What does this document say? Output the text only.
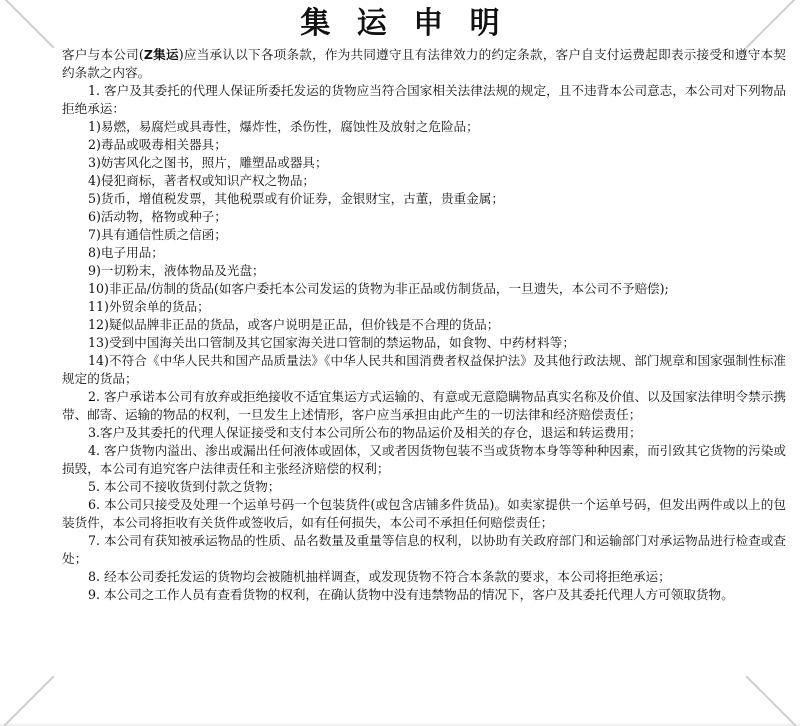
集 运 申 明

客户与本公司(Z集运)应当承认以下各项条款，作为共同遵守且有法律效力的约定条款，客户自支付运费起即表示接受和遵守本契约条款之内容。

1. 客户及其委托的代理人保证所委托发运的货物应当符合国家相关法律法规的规定，且不违背本公司意志，本公司对下列物品拒绝承运：

1)易燃，易腐烂或具毒性，爆炸性，杀伤性，腐蚀性及放射之危险品；

2)毒品或吸毒相关器具；

3)妨害风化之图书，照片，雕塑品或器具；

4)侵犯商标，著者权或知识产权之物品；

5)货币，增值税发票，其他税票或有价证券，金银财宝，古董，贵重金属；

6)活动物，格物或种子；

7)具有通信性质之信函；

8)电子用品；

9)一切粉末，液体物品及光盘；

10)非正品/仿制的货品(如客户委托本公司发运的货物为非正品或仿制货品，一旦遗失，本公司不予赔偿);

11)外贸余单的货品；

12)疑似品牌非正品的货品，或客户说明是正品，但价钱是不合理的货品；

13)受到中国海关出口管制及其它国家海关进口管制的禁运物品，如食物、中药材料等；

14)不符合《中华人民共和国产品质量法》《中华人民共和国消费者权益保护法》及其他行政法规、部门规章和国家强制性标准规定的货品；

2. 客户承诺本公司有放弃或拒绝接收不适宜集运方式运输的、有意或无意隐瞒物品真实名称及价值、以及国家法律明令禁示携带、邮寄、运输的物品的权利，一旦发生上述情形，客户应当承担由此产生的一切法律和经济赔偿责任；

3.客户及其委托的代理人保证接受和支付本公司所公布的物品运价及相关的存仓，退运和转运费用；

4. 客户货物内溢出、渗出或漏出任何液体或固体，又或者因货物包装不当或货物本身等等种种因素，而引致其它货物的污染或损毁，本公司有追究客户法律责任和主张经济赔偿的权利；

5. 本公司不接收货到付款之货物；

6. 本公司只接受及处理一个运单号码一个包装货件(或包含店铺多件货品)。如卖家提供一个运单号码，但发出两件或以上的包装货件，本公司将拒收有关货件或签收后，如有任何损失，本公司不承担任何赔偿责任；

7. 本公司有获知被承运物品的性质、品名数量及重量等信息的权利，以协助有关政府部门和运输部门对承运物品进行检查或查处；

8. 经本公司委托发运的货物均会被随机抽样调查，或发现货物不符合本条款的要求，本公司将拒绝承运；

9. 本公司之工作人员有查看货物的权利，在确认货物中没有违禁物品的情况下，客户及其委托代理人方可领取货物。
